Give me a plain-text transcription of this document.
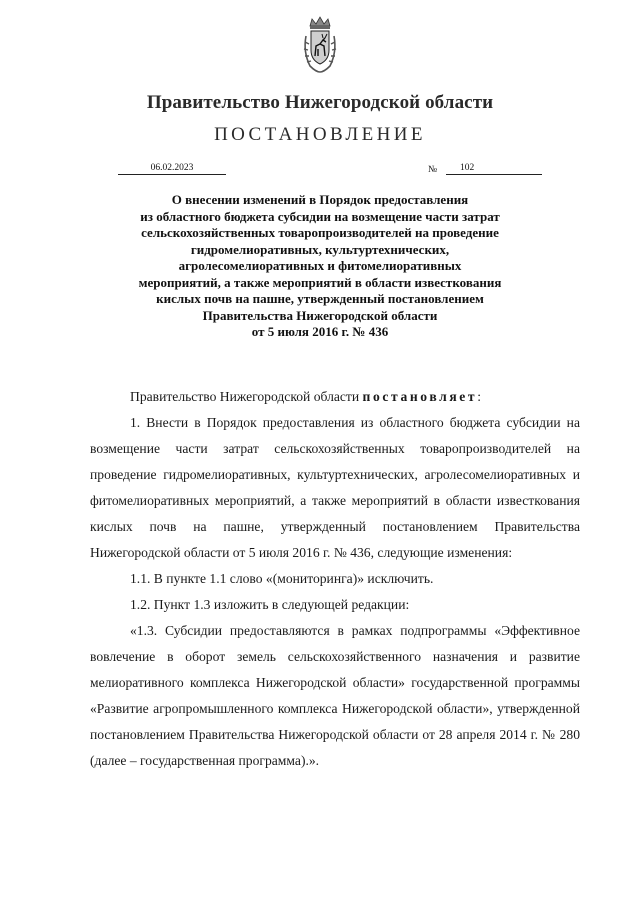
Правительство Нижегородской области
ПОСТАНОВЛЕНИЕ
06.02.2023	№	102
О внесении изменений в Порядок предоставления
из областного бюджета субсидии на возмещение части затрат
сельскохозяйственных товаропроизводителей на проведение
гидромелиоративных, культуртехнических,
агролесомелиоративных и фитомелиоративных
мероприятий, а также мероприятий в области известкования
кислых почв на пашне, утвержденный постановлением
Правительства Нижегородской области
от 5 июля 2016 г. № 436

Правительство Нижегородской области постановляет:

1. Внести в Порядок предоставления из областного бюджета субсидии на возмещение части затрат сельскохозяйственных товаропроизводителей на проведение гидромелиоративных, культуртехнических, агролесомелиоративных и фитомелиоративных мероприятий, а также мероприятий в области известкования кислых почв на пашне, утвержденный постановлением Правительства Нижегородской области от 5 июля 2016 г. № 436, следующие изменения:

1.1. В пункте 1.1 слово «(мониторинга)» исключить.

1.2. Пункт 1.3 изложить в следующей редакции:

«1.3. Субсидии предоставляются в рамках подпрограммы «Эффективное вовлечение в оборот земель сельскохозяйственного назначения и развитие мелиоративного комплекса Нижегородской области» государственной программы «Развитие агропромышленного комплекса Нижегородской области», утвержденной постановлением Правительства Нижегородской области от 28 апреля 2014 г. № 280 (далее – государственная программа).».
